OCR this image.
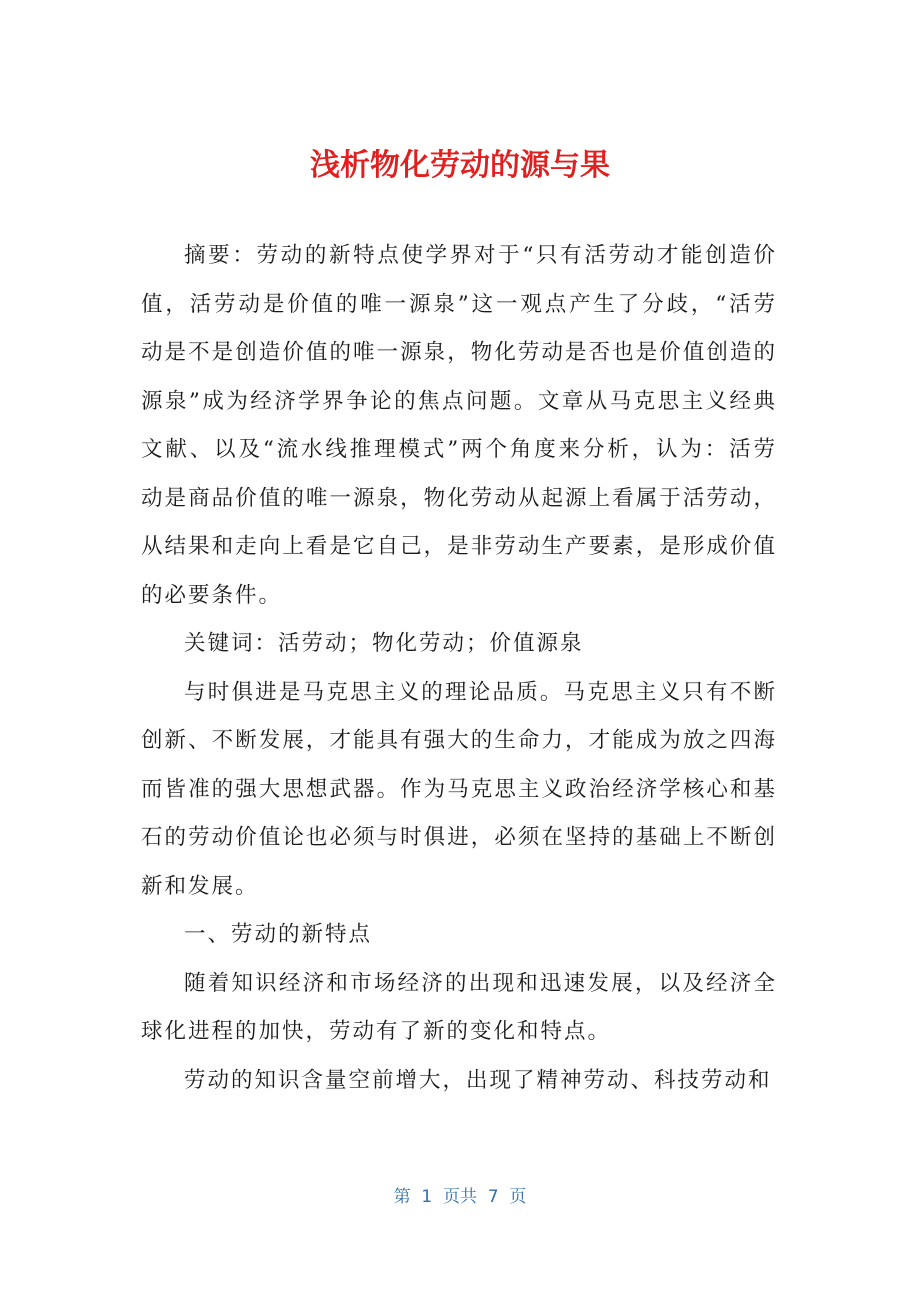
浅析物化劳动的源与果

摘要：劳动的新特点使学界对于“只有活劳动才能创造价值，活劳动是价值的唯一源泉”这一观点产生了分歧，“活劳动是不是创造价值的唯一源泉，物化劳动是否也是价值创造的源泉”成为经济学界争论的焦点问题。文章从马克思主义经典文献、以及“流水线推理模式”两个角度来分析，认为：活劳动是商品价值的唯一源泉，物化劳动从起源上看属于活劳动，从结果和走向上看是它自己，是非劳动生产要素，是形成价值的必要条件。

关键词：活劳动；物化劳动；价值源泉

与时俱进是马克思主义的理论品质。马克思主义只有不断创新、不断发展，才能具有强大的生命力，才能成为放之四海而皆准的强大思想武器。作为马克思主义政治经济学核心和基石的劳动价值论也必须与时俱进，必须在坚持的基础上不断创新和发展。

一、劳动的新特点

随着知识经济和市场经济的出现和迅速发展，以及经济全球化进程的加快，劳动有了新的变化和特点。

劳动的知识含量空前增大，出现了精神劳动、科技劳动和

第  1  页共  7  页
